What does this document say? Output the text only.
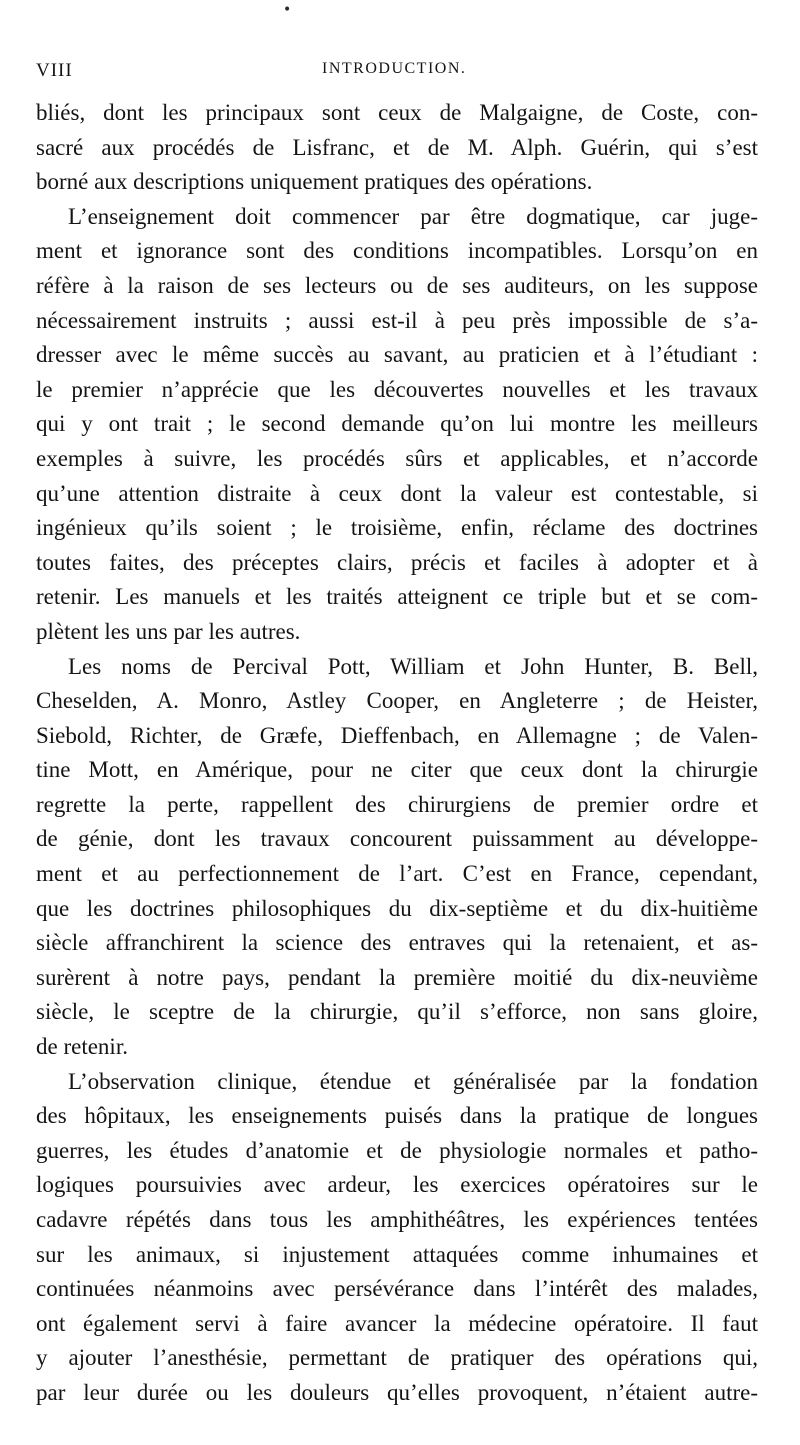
•
VIII	INTRODUCTION.
bliés, dont les principaux sont ceux de Malgaigne, de Coste, con-
sacré aux procédés de Lisfranc, et de M. Alph. Guérin, qui s’est
borné aux descriptions uniquement pratiques des opérations.
L’enseignement doit commencer par être dogmatique, car juge-
ment et ignorance sont des conditions incompatibles. Lorsqu’on en
réfère à la raison de ses lecteurs ou de ses auditeurs, on les suppose
nécessairement instruits ; aussi est-il à peu près impossible de s’a-
dresser avec le même succès au savant, au praticien et à l’étudiant :
le premier n’apprécie que les découvertes nouvelles et les travaux
qui y ont trait ; le second demande qu’on lui montre les meilleurs
exemples à suivre, les procédés sûrs et applicables, et n’accorde
qu’une attention distraite à ceux dont la valeur est contestable, si
ingénieux qu’ils soient ; le troisième, enfin, réclame des doctrines
toutes faites, des préceptes clairs, précis et faciles à adopter et à
retenir. Les manuels et les traités atteignent ce triple but et se com-
plètent les uns par les autres.
Les noms de Percival Pott, William et John Hunter, B. Bell,
Cheselden, A. Monro, Astley Cooper, en Angleterre ; de Heister,
Siebold, Richter, de Græfe, Dieffenbach, en Allemagne ; de Valen-
tine Mott, en Amérique, pour ne citer que ceux dont la chirurgie
regrette la perte, rappellent des chirurgiens de premier ordre et
de génie, dont les travaux concourent puissamment au développe-
ment et au perfectionnement de l’art. C’est en France, cependant,
que les doctrines philosophiques du dix-septième et du dix-huitième
siècle affranchirent la science des entraves qui la retenaient, et as-
surèrent à notre pays, pendant la première moitié du dix-neuvième
siècle, le sceptre de la chirurgie, qu’il s’efforce, non sans gloire,
de retenir.
L’observation clinique, étendue et généralisée par la fondation
des hôpitaux, les enseignements puisés dans la pratique de longues
guerres, les études d’anatomie et de physiologie normales et patho-
logiques poursuivies avec ardeur, les exercices opératoires sur le
cadavre répétés dans tous les amphithéâtres, les expériences tentées
sur les animaux, si injustement attaquées comme inhumaines et
continuées néanmoins avec persévérance dans l’intérêt des malades,
ont également servi à faire avancer la médecine opératoire. Il faut
y ajouter l’anesthésie, permettant de pratiquer des opérations qui,
par leur durée ou les douleurs qu’elles provoquent, n’étaient autre-
